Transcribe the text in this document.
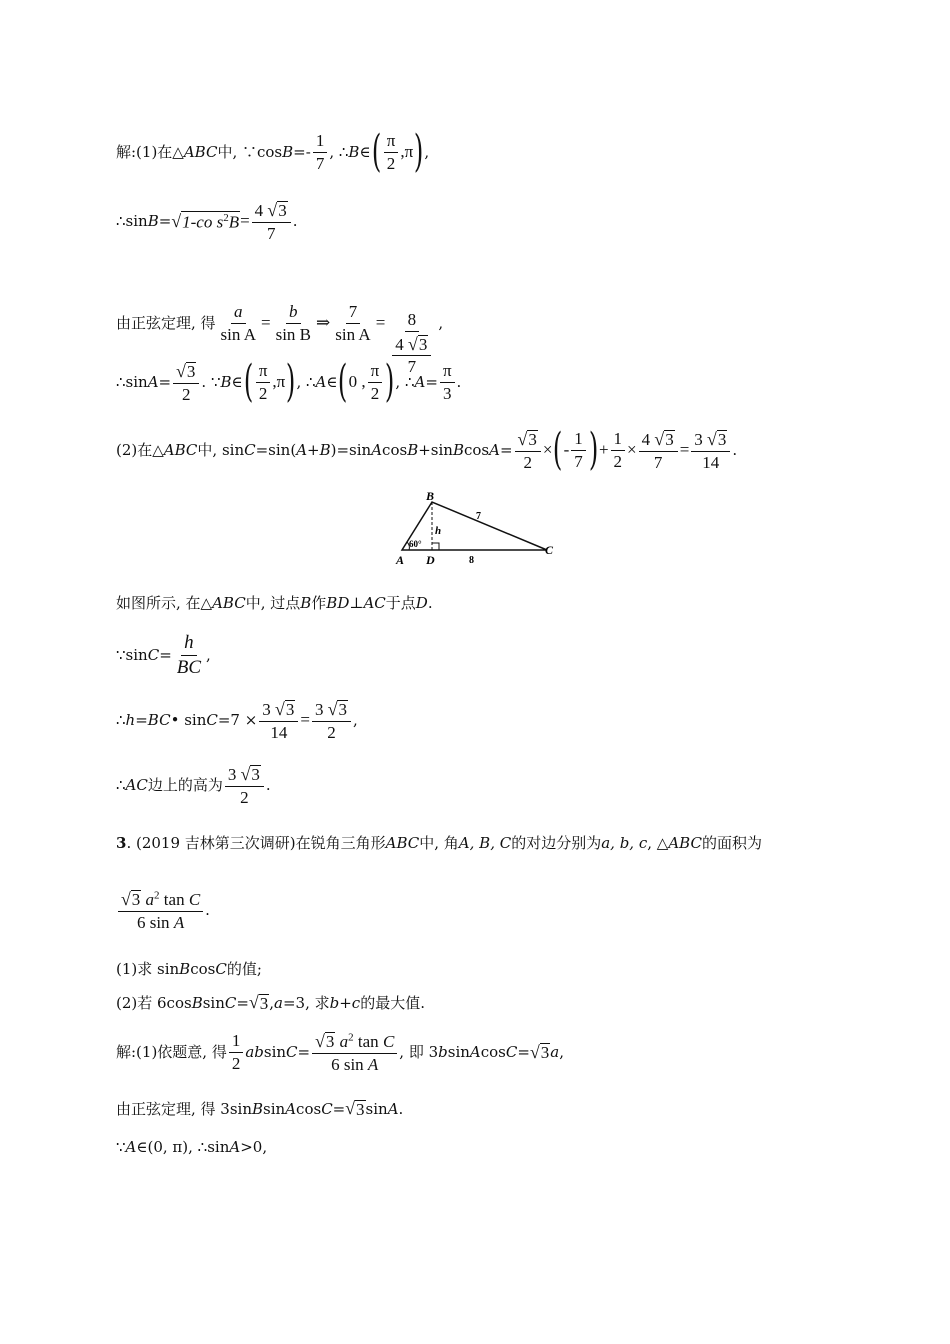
解:(1)在△ ABC 中, ∵cos $B =- \frac{1}{7}$ , ∴ B ∈ ( $\frac{\pi}{2} ,\pi$ ) ,
∴sin B = √ 1-co $s^2B = \frac{4 √ 3}{7}$ .
由正弦定理, 得 $\frac{a}{\text{sin A}} = \frac{b}{\text{sin B}}$ ⇒ $\frac{7}{\text{sin A}} = \frac{8}{\frac{4 √ 3}{7}}$ ,
∴sin $A = \frac{√ 3}{2}$ . ∵ B ∈ ( $\frac{\pi}{2} ,\pi$ ) , ∴ A ∈ ( 0 , $\frac{\pi}{2}$ ) , ∴ $A = \frac{\pi}{3}$ .
(2)在△ ABC 中, sin C =sin( A+B )=sin A cos B +sin B $\cos A = \frac{√ 3}{2}$ × ( - $\frac{1}{7}$ ) + $\frac{1}{2} \times \frac{4 √ 3}{7} = \frac{3 √ 3}{14}$ .
B
A D
C
h
60°
7
8
如图所示, 在△ ABC 中, 过点 B 作 BD ⊥ AC 于点 D .
∵sin $C = \frac{h}{BC}$ ,
∴ h = BC • $\sin C =7 \times \frac{3 √ 3}{14} = \frac{3 √ 3}{2}$ ,
∴ AC 边上的高为 $\frac{3 √ 3}{2}$ .
3 . (2019 吉林第三次调研)在锐角三角形 ABC 中, 角 A, B, C 的对边分别为 a, b, c , △ ABC 的面积为
$\frac{√ 3 a^2 \tan C}{\text{6 sin A}}$ .
(1)求 sin B cos C 的值;
(2)若 6cos B sin C = √ 3 , a =3, 求 b+c 的最大值.
解:(1)依题意, 得 $\frac{1}{2}$ ab $\sin C = \frac{√ 3 a^2 \tan C}{\text{6 sin A}}$ , 即 3 b sin A cos C = √ 3 a ,
由正弦定理, 得 3sin B sin A cos C = √ 3 sin A .
∵ A ∈(0, π), ∴sin A >0,
